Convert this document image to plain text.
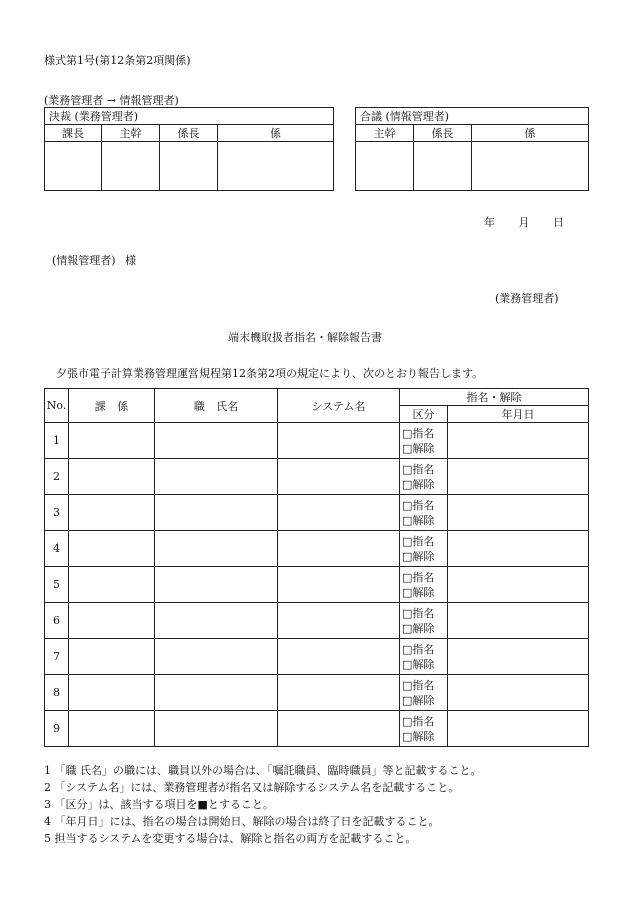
様式第1号(第12条第2項関係)
(業務管理者 → 情報管理者)
決裁 (業務管理者)			
課長	主幹	係長	係

合議 (情報管理者)		
主幹	係長	係

年 月 日
(情報管理者) 様
(業務管理者)
端末機取扱者指名・解除報告書
夕張市電子計算業務管理運営規程第12条第2項の規定により、次のとおり報告します。
No.	課 係	職 氏名	システム名	指名・解除	
				区分	年月日
1				□指名
□解除	

2				□指名
□解除	

3				□指名
□解除	

4				□指名
□解除	

5				□指名
□解除	

6				□指名
□解除	

7				□指名
□解除	

8				□指名
□解除	

9				□指名
□解除	

1 「職 氏名」の職には、職員以外の場合は、「嘱託職員、臨時職員」等と記載すること。
2 「システム名」には、業務管理者が指名又は解除するシステム名を記載すること。
3 「区分」は、該当する項目を■とすること。
4 「年月日」には、指名の場合は開始日、解除の場合は終了日を記載すること。
5 担当するシステムを変更する場合は、解除と指名の両方を記載すること。
